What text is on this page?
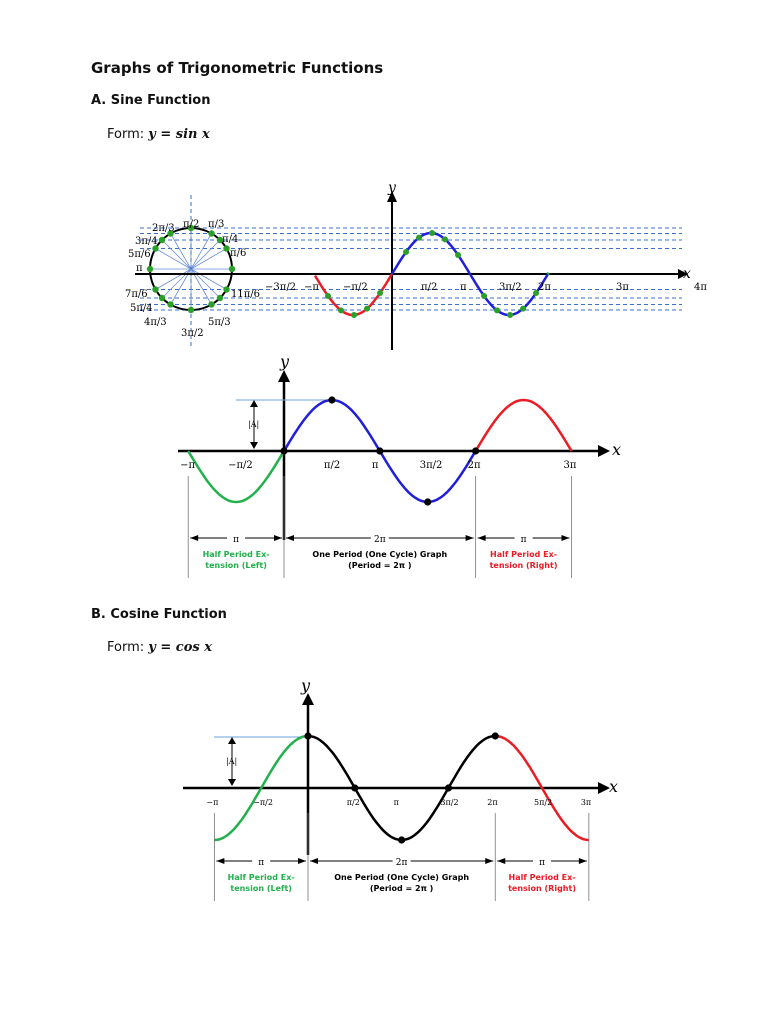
Graphs of Trigonometric Functions
A. Sine Function
Form: y = sin x
B. Cosine Function
Form: y = cos x
x
y
π/2 π/3
π/4
π/6
2π/3
3π/4
5π/6
π
7π/6
5π/4
4π/3
3π/2
5π/3
11π/6
−3π/2 −π −π/2	π/2 π	3π/2 2π	3π	4π
x
y
|A|
−π	−π/2	π/2	π	2π	3π
3π/2
π
Half Period Ex-
tension (Left)
2π
One Period (One Cycle) Graph
(Period = 2π )
π
Half Period Ex-
tension (Right)
x
y
|A|
−π	−π/2	π/2	π	3π/2	2π	5π/2	3π
π
Half Period Ex-
tension (Left)
2π
One Period (One Cycle) Graph
(Period = 2π )
π
Half Period Ex-
tension (Right)
